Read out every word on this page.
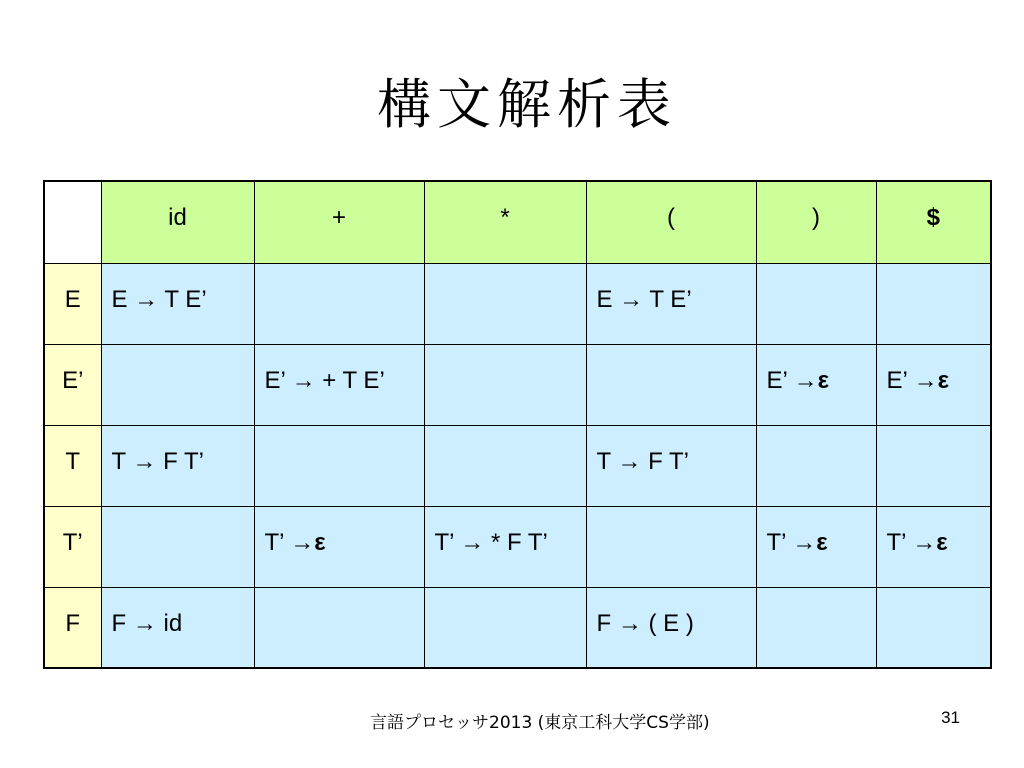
構文解析表
	id	+	*	(	)	$
E	E → T E’			E → T E’		
E’		E’ → + T E’			E’ →ε	E’ →ε
T	T → F T’			T → F T’		
T’		T’ →ε	T’ → * F T’		T’ →ε	T’ →ε
F	F → id			F → ( E )		
言語プロセッサ2013 (東京工科大学CS学部)	31
